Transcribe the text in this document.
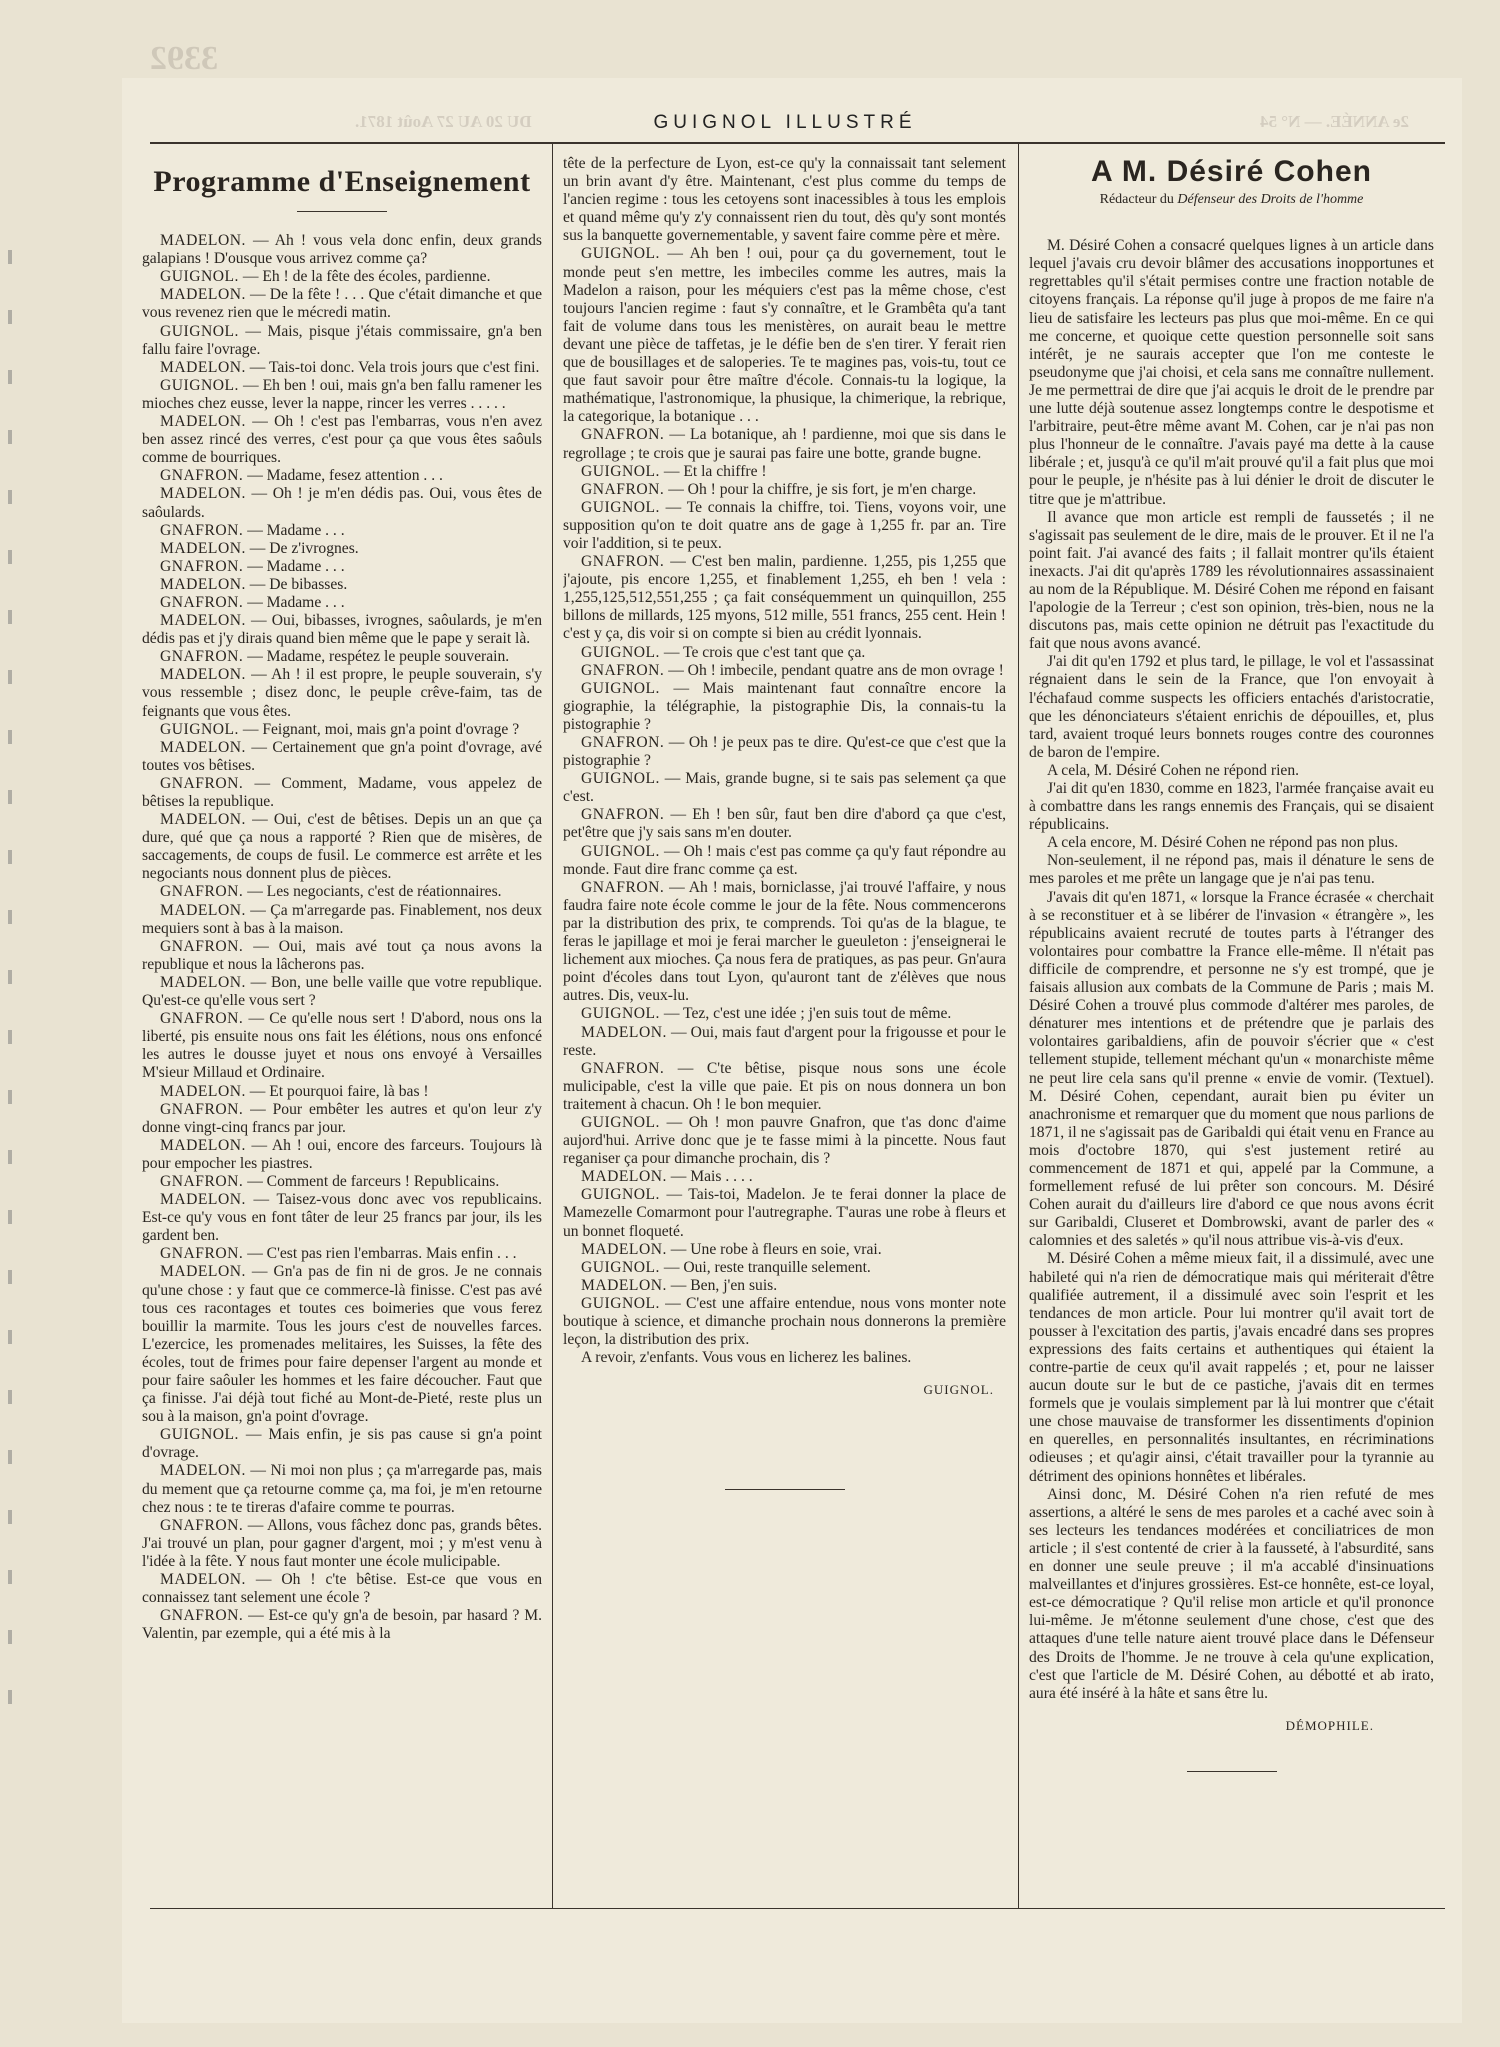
3392
DU 20 AU 27 Août 1871.	2e ANNÉE. — N° 54
GUIGNOL ILLUSTRÉ
Programme d'Enseignement

MADELON. — Ah ! vous vela donc enfin, deux grands galapians ! D'ousque vous arrivez comme ça?

GUIGNOL. — Eh ! de la fête des écoles, pardienne.

MADELON. — De la fête ! . . . Que c'était dimanche et que vous revenez rien que le mécredi matin.

GUIGNOL. — Mais, pisque j'étais commissaire, gn'a ben fallu faire l'ovrage.

MADELON. — Tais-toi donc. Vela trois jours que c'est fini.

GUIGNOL. — Eh ben ! oui, mais gn'a ben fallu ramener les mioches chez eusse, lever la nappe, rincer les verres . . . . .

MADELON. — Oh ! c'est pas l'embarras, vous n'en avez ben assez rincé des verres, c'est pour ça que vous êtes saôuls comme de bourriques.

GNAFRON. — Madame, fesez attention . . .

MADELON. — Oh ! je m'en dédis pas. Oui, vous êtes de saôulards.

GNAFRON. — Madame . . .

MADELON. — De z'ivrognes.

GNAFRON. — Madame . . .

MADELON. — De bibasses.

GNAFRON. — Madame . . .

MADELON. — Oui, bibasses, ivrognes, saôulards, je m'en dédis pas et j'y dirais quand bien même que le pape y serait là.

GNAFRON. — Madame, respétez le peuple souverain.

MADELON. — Ah ! il est propre, le peuple souverain, s'y vous ressemble ; disez donc, le peuple crêve-faim, tas de feignants que vous êtes.

GUIGNOL. — Feignant, moi, mais gn'a point d'ovrage ?

MADELON. — Certainement que gn'a point d'ovrage, avé toutes vos bêtises.

GNAFRON. — Comment, Madame, vous appelez de bêtises la republique.

MADELON. — Oui, c'est de bêtises. Depis un an que ça dure, qué que ça nous a rapporté ? Rien que de misères, de saccagements, de coups de fusil. Le commerce est arrête et les negociants nous donnent plus de pièces.

GNAFRON. — Les negociants, c'est de réationnaires.

MADELON. — Ça m'arregarde pas. Finablement, nos deux mequiers sont à bas à la maison.

GNAFRON. — Oui, mais avé tout ça nous avons la republique et nous la lâcherons pas.

MADELON. — Bon, une belle vaille que votre republique. Qu'est-ce qu'elle vous sert ?

GNAFRON. — Ce qu'elle nous sert ! D'abord, nous ons la liberté, pis ensuite nous ons fait les élétions, nous ons enfoncé les autres le dousse juyet et nous ons envoyé à Versailles M'sieur Millaud et Ordinaire.

MADELON. — Et pourquoi faire, là bas !

GNAFRON. — Pour embêter les autres et qu'on leur z'y donne vingt-cinq francs par jour.

MADELON. — Ah ! oui, encore des farceurs. Toujours là pour empocher les piastres.

GNAFRON. — Comment de farceurs ! Republicains.

MADELON. — Taisez-vous donc avec vos republicains. Est-ce qu'y vous en font tâter de leur 25 francs par jour, ils les gardent ben.

GNAFRON. — C'est pas rien l'embarras. Mais enfin . . .

MADELON. — Gn'a pas de fin ni de gros. Je ne connais qu'une chose : y faut que ce commerce-là finisse. C'est pas avé tous ces racontages et toutes ces boimeries que vous ferez bouillir la marmite. Tous les jours c'est de nouvelles farces. L'ezercice, les promenades melitaires, les Suisses, la fête des écoles, tout de frimes pour faire depenser l'argent au monde et pour faire saôuler les hommes et les faire découcher. Faut que ça finisse. J'ai déjà tout fiché au Mont-de-Pieté, reste plus un sou à la maison, gn'a point d'ovrage.

GUIGNOL. — Mais enfin, je sis pas cause si gn'a point d'ovrage.

MADELON. — Ni moi non plus ; ça m'arregarde pas, mais du mement que ça retourne comme ça, ma foi, je m'en retourne chez nous : te te tireras d'afaire comme te pourras.

GNAFRON. — Allons, vous fâchez donc pas, grands bêtes. J'ai trouvé un plan, pour gagner d'argent, moi ; y m'est venu à l'idée à la fête. Y nous faut monter une école mulicipable.

MADELON. — Oh ! c'te bêtise. Est-ce que vous en connaissez tant selement une école ?

GNAFRON. — Est-ce qu'y gn'a de besoin, par hasard ? M. Valentin, par ezemple, qui a été mis à la

tête de la perfecture de Lyon, est-ce qu'y la connaissait tant selement un brin avant d'y être. Maintenant, c'est plus comme du temps de l'ancien regime : tous les cetoyens sont inacessibles à tous les emplois et quand même qu'y z'y connaissent rien du tout, dès qu'y sont montés sus la banquette governementable, y savent faire comme père et mère.

GUIGNOL. — Ah ben ! oui, pour ça du governement, tout le monde peut s'en mettre, les imbeciles comme les autres, mais la Madelon a raison, pour les méquiers c'est pas la même chose, c'est toujours l'ancien regime : faut s'y connaître, et le Grambêta qu'a tant fait de volume dans tous les menistères, on aurait beau le mettre devant une pièce de taffetas, je le défie ben de s'en tirer. Y ferait rien que de bousillages et de saloperies. Te te magines pas, vois-tu, tout ce que faut savoir pour être maître d'école. Connais-tu la logique, la mathématique, l'astronomique, la phusique, la chimerique, la rebrique, la categorique, la botanique . . .

GNAFRON. — La botanique, ah ! pardienne, moi que sis dans le regrollage ; te crois que je saurai pas faire une botte, grande bugne.

GUIGNOL. — Et la chiffre !

GNAFRON. — Oh ! pour la chiffre, je sis fort, je m'en charge.

GUIGNOL. — Te connais la chiffre, toi. Tiens, voyons voir, une supposition qu'on te doit quatre ans de gage à 1,255 fr. par an. Tire voir l'addition, si te peux.

GNAFRON. — C'est ben malin, pardienne. 1,255, pis 1,255 que j'ajoute, pis encore 1,255, et finablement 1,255, eh ben ! vela : 1,255,125,512,551,255 ; ça fait conséquemment un quinquillon, 255 billons de millards, 125 myons, 512 mille, 551 francs, 255 cent. Hein ! c'est y ça, dis voir si on compte si bien au crédit lyonnais.

GUIGNOL. — Te crois que c'est tant que ça.

GNAFRON. — Oh ! imbecile, pendant quatre ans de mon ovrage !

GUIGNOL. — Mais maintenant faut connaître encore la giographie, la télégraphie, la pistographie Dis, la connais-tu la pistographie ?

GNAFRON. — Oh ! je peux pas te dire. Qu'est-ce que c'est que la pistographie ?

GUIGNOL. — Mais, grande bugne, si te sais pas selement ça que c'est.

GNAFRON. — Eh ! ben sûr, faut ben dire d'abord ça que c'est, pet'être que j'y sais sans m'en douter.

GUIGNOL. — Oh ! mais c'est pas comme ça qu'y faut répondre au monde. Faut dire franc comme ça est.

GNAFRON. — Ah ! mais, borniclasse, j'ai trouvé l'affaire, y nous faudra faire note école comme le jour de la fête. Nous commencerons par la distribution des prix, te comprends. Toi qu'as de la blague, te feras le japillage et moi je ferai marcher le gueuleton : j'enseignerai le lichement aux mioches. Ça nous fera de pratiques, as pas peur. Gn'aura point d'écoles dans tout Lyon, qu'auront tant de z'élèves que nous autres. Dis, veux-lu.

GUIGNOL. — Tez, c'est une idée ; j'en suis tout de même.

MADELON. — Oui, mais faut d'argent pour la frigousse et pour le reste.

GNAFRON. — C'te bêtise, pisque nous sons une école mulicipable, c'est la ville que paie. Et pis on nous donnera un bon traitement à chacun. Oh ! le bon mequier.

GUIGNOL. — Oh ! mon pauvre Gnafron, que t'as donc d'aime aujord'hui. Arrive donc que je te fasse mimi à la pincette. Nous faut reganiser ça pour dimanche prochain, dis ?

MADELON. — Mais . . . .

GUIGNOL. — Tais-toi, Madelon. Je te ferai donner la place de Mamezelle Comarmont pour l'autregraphe. T'auras une robe à fleurs et un bonnet floqueté.

MADELON. — Une robe à fleurs en soie, vrai.

GUIGNOL. — Oui, reste tranquille selement.

MADELON. — Ben, j'en suis.

GUIGNOL. — C'est une affaire entendue, nous vons monter note boutique à science, et dimanche prochain nous donnerons la première leçon, la distribution des prix.

A revoir, z'enfants. Vous vous en licherez les balines.

GUIGNOL.
A M. Désiré Cohen
Rédacteur du Défenseur des Droits de l'homme

M. Désiré Cohen a consacré quelques lignes à un article dans lequel j'avais cru devoir blâmer des accusations inopportunes et regrettables qu'il s'était permises contre une fraction notable de citoyens français. La réponse qu'il juge à propos de me faire n'a lieu de satisfaire les lecteurs pas plus que moi-même. En ce qui me concerne, et quoique cette question personnelle soit sans intérêt, je ne saurais accepter que l'on me conteste le pseudonyme que j'ai choisi, et cela sans me connaître nullement. Je me permettrai de dire que j'ai acquis le droit de le prendre par une lutte déjà soutenue assez longtemps contre le despotisme et l'arbitraire, peut-être même avant M. Cohen, car je n'ai pas non plus l'honneur de le connaître. J'avais payé ma dette à la cause libérale ; et, jusqu'à ce qu'il m'ait prouvé qu'il a fait plus que moi pour le peuple, je n'hésite pas à lui dénier le droit de discuter le titre que je m'attribue.

Il avance que mon article est rempli de faussetés ; il ne s'agissait pas seulement de le dire, mais de le prouver. Et il ne l'a point fait. J'ai avancé des faits ; il fallait montrer qu'ils étaient inexacts. J'ai dit qu'après 1789 les révolutionnaires assassinaient au nom de la République. M. Désiré Cohen me répond en faisant l'apologie de la Terreur ; c'est son opinion, très-bien, nous ne la discutons pas, mais cette opinion ne détruit pas l'exactitude du fait que nous avons avancé.

J'ai dit qu'en 1792 et plus tard, le pillage, le vol et l'assassinat régnaient dans le sein de la France, que l'on envoyait à l'échafaud comme suspects les officiers entachés d'aristocratie, que les dénonciateurs s'étaient enrichis de dépouilles, et, plus tard, avaient troqué leurs bonnets rouges contre des couronnes de baron de l'empire.

A cela, M. Désiré Cohen ne répond rien.

J'ai dit qu'en 1830, comme en 1823, l'armée française avait eu à combattre dans les rangs ennemis des Français, qui se disaient républicains.

A cela encore, M. Désiré Cohen ne répond pas non plus.

Non-seulement, il ne répond pas, mais il dénature le sens de mes paroles et me prête un langage que je n'ai pas tenu.

J'avais dit qu'en 1871, « lorsque la France écrasée « cherchait à se reconstituer et à se libérer de l'invasion « étrangère », les républicains avaient recruté de toutes parts à l'étranger des volontaires pour combattre la France elle-même. Il n'était pas difficile de comprendre, et personne ne s'y est trompé, que je faisais allusion aux combats de la Commune de Paris ; mais M. Désiré Cohen a trouvé plus commode d'altérer mes paroles, de dénaturer mes intentions et de prétendre que je parlais des volontaires garibaldiens, afin de pouvoir s'écrier que « c'est tellement stupide, tellement méchant qu'un « monarchiste même ne peut lire cela sans qu'il prenne « envie de vomir. (Textuel). M. Désiré Cohen, cependant, aurait bien pu éviter un anachronisme et remarquer que du moment que nous parlions de 1871, il ne s'agissait pas de Garibaldi qui était venu en France au mois d'octobre 1870, qui s'est justement retiré au commencement de 1871 et qui, appelé par la Commune, a formellement refusé de lui prêter son concours. M. Désiré Cohen aurait du d'ailleurs lire d'abord ce que nous avons écrit sur Garibaldi, Cluseret et Dombrowski, avant de parler des « calomnies et des saletés » qu'il nous attribue vis-à-vis d'eux.

M. Désiré Cohen a même mieux fait, il a dissimulé, avec une habileté qui n'a rien de démocratique mais qui mériterait d'être qualifiée autrement, il a dissimulé avec soin l'esprit et les tendances de mon article. Pour lui montrer qu'il avait tort de pousser à l'excitation des partis, j'avais encadré dans ses propres expressions des faits certains et authentiques qui étaient la contre-partie de ceux qu'il avait rappelés ; et, pour ne laisser aucun doute sur le but de ce pastiche, j'avais dit en termes formels que je voulais simplement par là lui montrer que c'était une chose mauvaise de transformer les dissentiments d'opinion en querelles, en personnalités insultantes, en récriminations odieuses ; et qu'agir ainsi, c'était travailler pour la tyrannie au détriment des opinions honnêtes et libérales.

Ainsi donc, M. Désiré Cohen n'a rien refuté de mes assertions, a altéré le sens de mes paroles et a caché avec soin à ses lecteurs les tendances modérées et conciliatrices de mon article ; il s'est contenté de crier à la fausseté, à l'absurdité, sans en donner une seule preuve ; il m'a accablé d'insinuations malveillantes et d'injures grossières. Est-ce honnête, est-ce loyal, est-ce démocratique ? Qu'il relise mon article et qu'il prononce lui-même. Je m'étonne seulement d'une chose, c'est que des attaques d'une telle nature aient trouvé place dans le Défenseur des Droits de l'homme. Je ne trouve à cela qu'une explication, c'est que l'article de M. Désiré Cohen, au débotté et ab irato, aura été inséré à la hâte et sans être lu.

DÉMOPHILE.
